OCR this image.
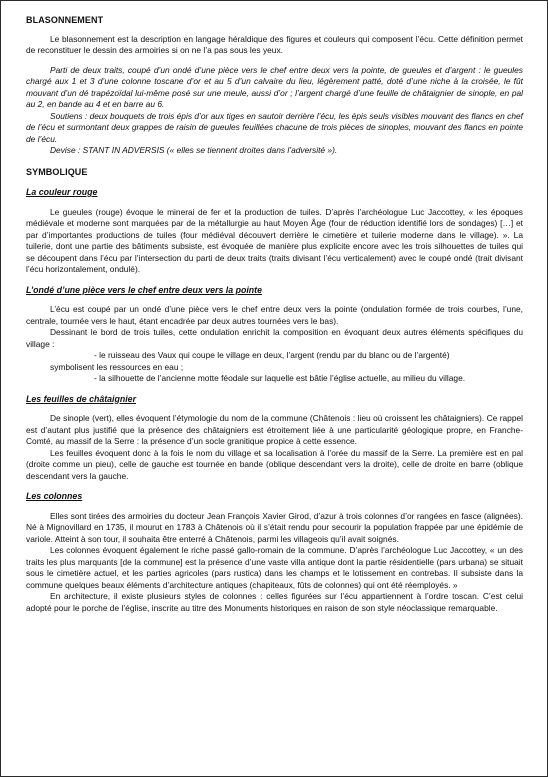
BLASONNEMENT

Le blasonnement est la description en langage héraldique des figures et couleurs qui composent l’écu. Cette définition permet de reconstituer le dessin des armoiries si on ne l’a pas sous les yeux.

Parti de deux traits, coupé d’un ondé d’une pièce vers le chef entre deux vers la pointe, de gueules et d’argent : le gueules chargé aux 1 et 3 d’une colonne toscane d’or et au 5 d’un calvaire du lieu, légèrement patté, doté d’une niche à la croisée, le fût mouvant d’un dé trapézoïdal lui-même posé sur une meule, aussi d’or ; l’argent chargé d’une feuille de châtaignier de sinople, en pal au 2, en bande au 4 et en barre au 6.

Soutiens : deux bouquets de trois épis d’or aux tiges en sautoir derrière l’écu, les épis seuls visibles mouvant des flancs en chef de l’écu et surmontant deux grappes de raisin de gueules feuillées chacune de trois pièces de sinoples, mouvant des flancs en pointe de l’écu.

Devise : STANT IN ADVERSIS (« elles se tiennent droites dans l’adversité »).

SYMBOLIQUE
La couleur rouge

Le gueules (rouge) évoque le minerai de fer et la production de tuiles. D’après l’archéologue Luc Jaccottey, « les époques médiévale et moderne sont marquées par de la métallurgie au haut Moyen Âge (four de réduction identifié lors de sondages) […] et par d’importantes productions de tuiles (four médiéval découvert derrière le cimetière et tuilerie moderne dans le village). ». La tuilerie, dont une partie des bâtiments subsiste, est évoquée de manière plus explicite encore avec les trois silhouettes de tuiles qui se découpent dans l’écu par l’intersection du parti de deux traits (traits divisant l’écu verticalement) avec le coupé ondé (trait divisant l’écu horizontalement, ondulé).

L’ondé d’une pièce vers le chef entre deux vers la pointe

L’écu est coupé par un ondé d’une pièce vers le chef entre deux vers la pointe (ondulation formée de trois courbes, l’une, centrale, tournée vers le haut, étant encadrée par deux autres tournées vers le bas).

Dessinant le bord de trois tuiles, cette ondulation enrichit la composition en évoquant deux autres éléments spécifiques du village :

- le ruisseau des Vaux qui coupe le village en deux, l’argent (rendu par du blanc ou de l’argenté)

symbolisent les ressources en eau ;

- la silhouette de l’ancienne motte féodale sur laquelle est bâtie l’église actuelle, au milieu du village.

Les feuilles de châtaignier

De sinople (vert), elles évoquent l’étymologie du nom de la commune (Châtenois : lieu où croissent les châtaigniers). Ce rappel est d’autant plus justifié que la présence des châtaigniers est étroitement liée à une particularité géologique propre, en Franche-Comté, au massif de la Serre : la présence d’un socle granitique propice à cette essence.

Les feuilles évoquent donc à la fois le nom du village et sa localisation à l’orée du massif de la Serre. La première est en pal (droite comme un pieu), celle de gauche est tournée en bande (oblique descendant vers la droite), celle de droite en barre (oblique descendant vers la gauche.

Les colonnes

Elles sont tirées des armoiries du docteur Jean François Xavier Girod, d’azur à trois colonnes d’or rangées en fasce (alignées). Né à Mignovillard en 1735, il mourut en 1783 à Châtenois où il s’était rendu pour secourir la population frappée par une épidémie de variole. Atteint à son tour, il souhaita être enterré à Châtenois, parmi les villageois qu’il avait soignés.

Les colonnes évoquent également le riche passé gallo-romain de la commune. D’après l’archéologue Luc Jaccottey, « un des traits les plus marquants [de la commune] est la présence d’une vaste villa antique dont la partie résidentielle (pars urbana) se situait sous le cimetière actuel, et les parties agricoles (pars rustica) dans les champs et le lotissement en contrebas. Il subsiste dans la commune quelques beaux éléments d’architecture antiques (chapiteaux, fûts de colonnes) qui ont été réemployés. »

En architecture, il existe plusieurs styles de colonnes : celles figurées sur l’écu appartiennent à l’ordre toscan. C’est celui adopté pour le porche de l’église, inscrite au titre des Monuments historiques en raison de son style néoclassique remarquable.
